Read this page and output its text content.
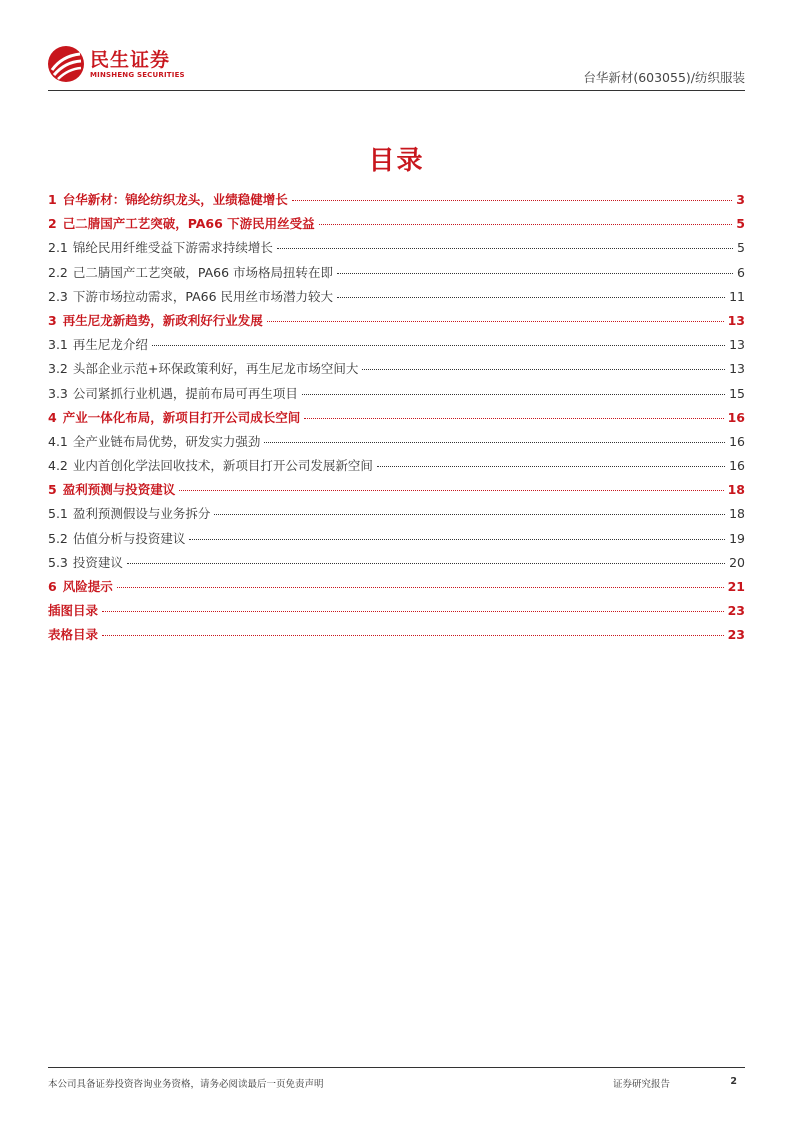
民生证券
MINSHENG SECURITIES	台华新材(603055)/纺织服装
目录
1 台华新材：锦纶纺织龙头，业绩稳健增长	3
2 己二腈国产工艺突破，PA66 下游民用丝受益	5
2.1 锦纶民用纤维受益下游需求持续增长	5
2.2 己二腈国产工艺突破，PA66 市场格局扭转在即	6
2.3 下游市场拉动需求，PA66 民用丝市场潜力较大	11
3 再生尼龙新趋势，新政利好行业发展	13
3.1 再生尼龙介绍	13
3.2 头部企业示范+环保政策利好，再生尼龙市场空间大	13
3.3 公司紧抓行业机遇，提前布局可再生项目	15
4 产业一体化布局，新项目打开公司成长空间	16
4.1 全产业链布局优势，研发实力强劲	16
4.2 业内首创化学法回收技术，新项目打开公司发展新空间	16
5 盈利预测与投资建议	18
5.1 盈利预测假设与业务拆分	18
5.2 估值分析与投资建议	19
5.3 投资建议	20
6 风险提示	21
插图目录	23
表格目录	23
本公司具备证券投资咨询业务资格，请务必阅读最后一页免责声明	证券研究报告	2
